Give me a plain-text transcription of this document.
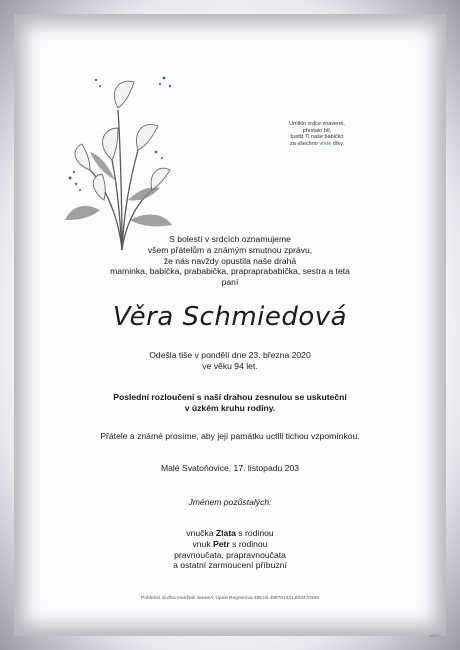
Umlklo srdce znavené,
přestalo bít,
budiž Ti naše babičko
za všechno vřelé díky.
S bolestí v srdcích oznamujeme
všem přátelům a známým smutnou zprávu,
že nás navždy opustila naše drahá
maminka, babička, prababička, prapraprababička, sestra a teta
paní
Věra Schmiedová
Odešla tiše v pondělí dne 23. března 2020
ve věku 94 let.
Poslední rozloučení s naší drahou zesnulou se uskuteční
v úzkém kruhu rodiny.
Přátele a známé prosíme, aby její památku uctili tichou vzpomínkou.
Malé Svatoňovice, 17. listopadu 203
Jménem pozůstalých:
vnučka Zlata s rodinou
vnuk Petr s rodinou
pravnoučata, prapravnoučata
a ostatní zarmoucení příbuzní
Pohřební služba manželé Jansovi, Úpice Regnerova 485 tel.499781331,603470369
50037
